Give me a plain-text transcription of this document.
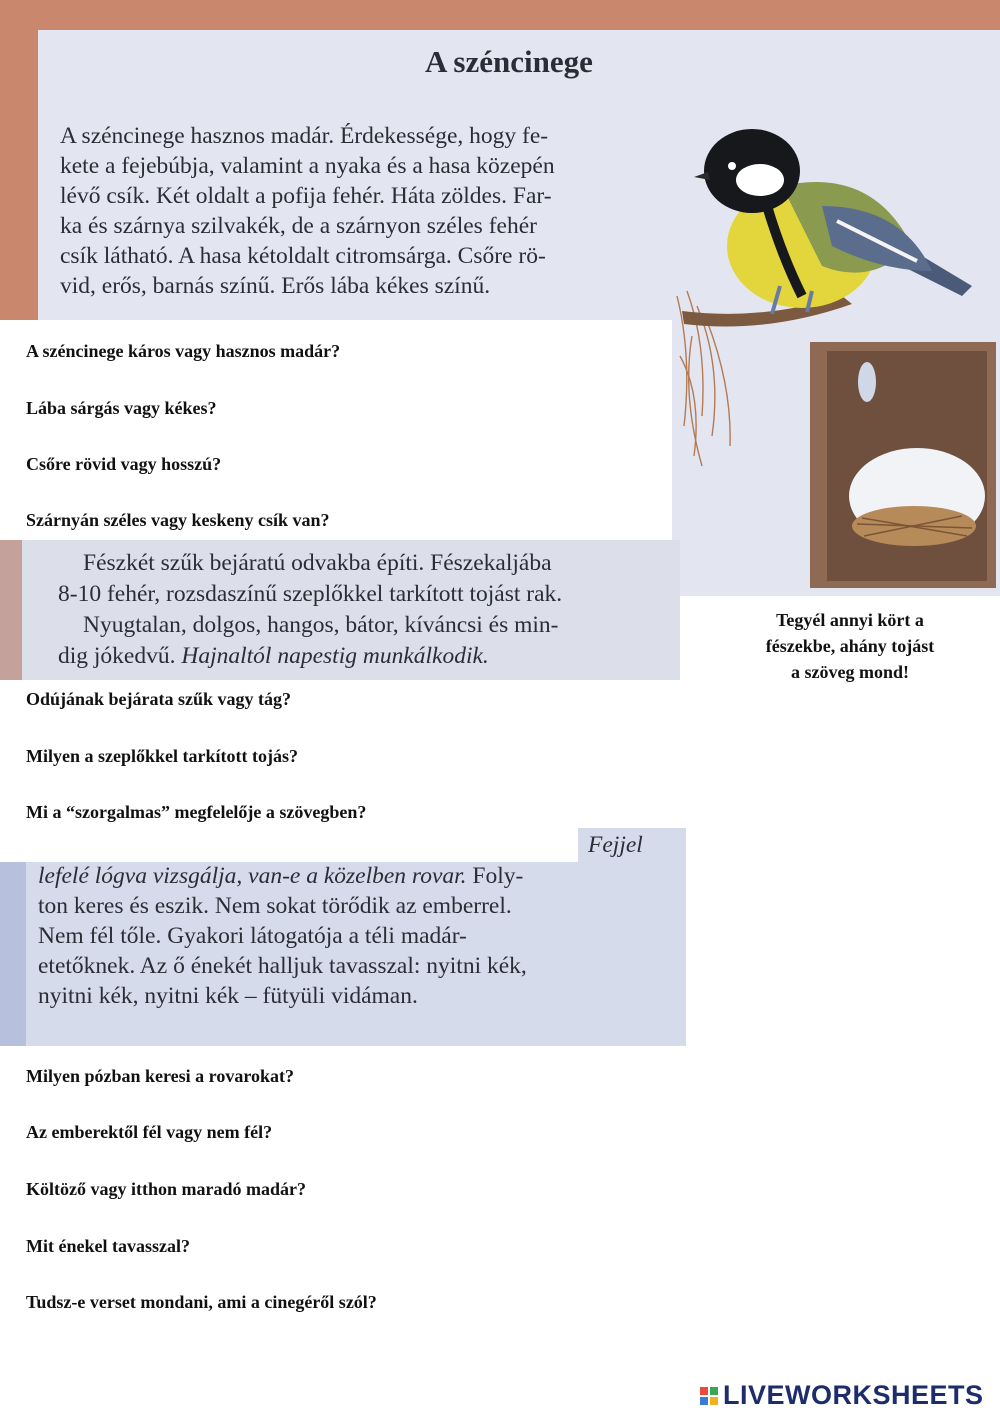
A széncinege

A széncinege hasznos madár. Érdekessége, hogy fe-

kete a fejebúbja, valamint a nyaka és a hasa közepén

lévő csík. Két oldalt a pofija fehér. Háta zöldes. Far-

ka és szárnya szilvakék, de a szárnyon széles fehér

csík látható. A hasa kétoldalt citromsárga. Csőre rö-

vid, erős, barnás színű. Erős lába kékes színű.

A széncinege káros vagy hasznos madár?
Lába sárgás vagy kékes?
Csőre rövid vagy hosszú?
Szárnyán széles vagy keskeny csík van?

Fészkét szűk bejáratú odvakba építi. Fészekaljába

8-10 fehér, rozsdaszínű szeplőkkel tarkított tojást rak.

Nyugtalan, dolgos, hangos, bátor, kíváncsi és min-

dig jókedvű. Hajnaltól napestig munkálkodik.

Tegyél annyi kört a

fészekbe, ahány tojást

a szöveg mond!

Odújának bejárata szűk vagy tág?
Milyen a szeplőkkel tarkított tojás?
Mi a “szorgalmas” megfelelője a szövegben?

Fejjel

lefelé lógva vizsgálja, van-e a közelben rovar. Foly-

ton keres és eszik. Nem sokat törődik az emberrel.

Nem fél tőle. Gyakori látogatója a téli madár-

etetőknek. Az ő énekét halljuk tavasszal: nyitni kék,

nyitni kék, nyitni kék – fütyüli vidáman.

Milyen pózban keresi a rovarokat?
Az emberektől fél vagy nem fél?
Költöző vagy itthon maradó madár?
Mit énekel tavasszal?
Tudsz-e verset mondani, ami a cinegéről szól?
LIVEWORKSHEETS
